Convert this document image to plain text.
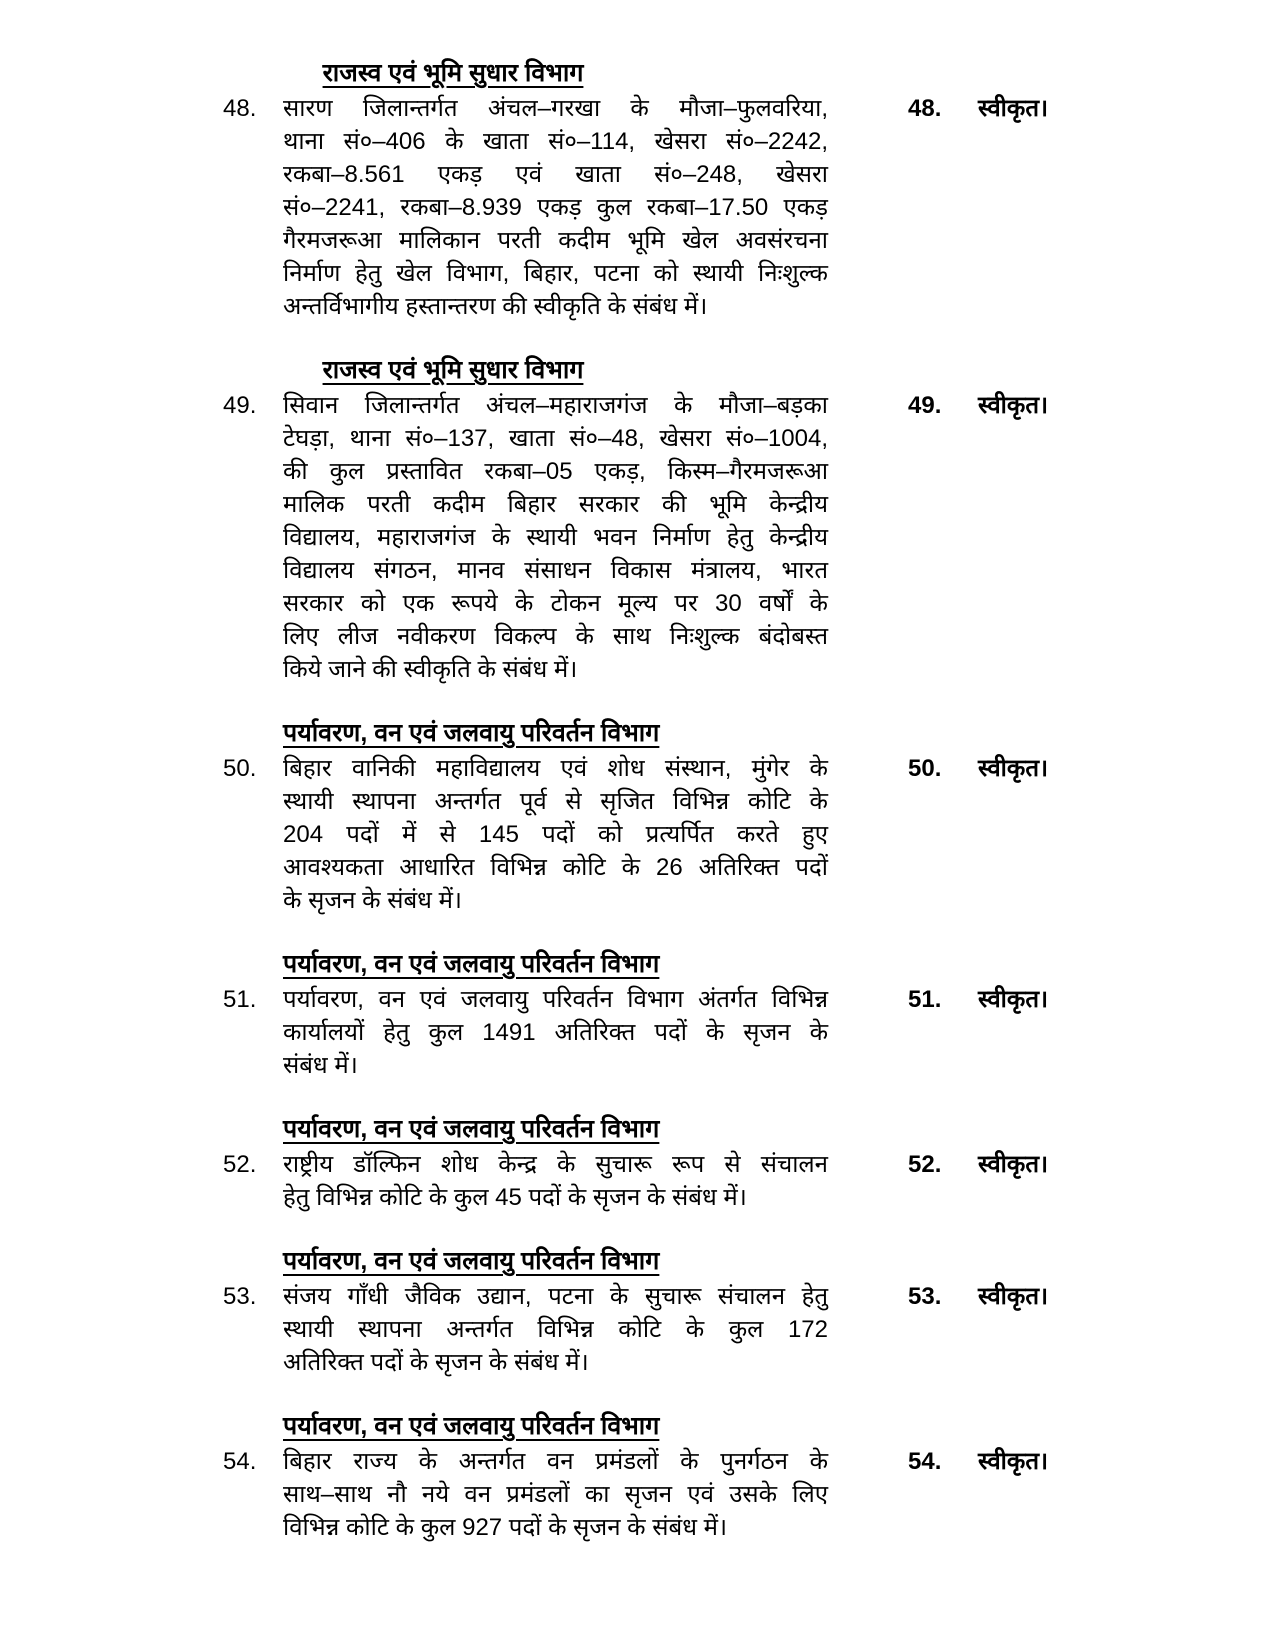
राजस्व एवं भूमि सुधार विभाग
48.	सारण जिलान्तर्गत अंचल–गरखा के मौजा–फुलवरिया,
थाना सं०–406 के खाता सं०–114, खेसरा सं०–2242,
रकबा–8.561 एकड़ एवं खाता सं०–248, खेसरा
सं०–2241, रकबा–8.939 एकड़ कुल रकबा–17.50 एकड़
गैरमजरूआ मालिकान परती कदीम भूमि खेल अवसंरचना
निर्माण हेतु खेल विभाग, बिहार, पटना को स्थायी निःशुल्क
अन्तर्विभागीय हस्तान्तरण की स्वीकृति के संबंध में।
48. स्वीकृत।
राजस्व एवं भूमि सुधार विभाग
49.	सिवान जिलान्तर्गत अंचल–महाराजगंज के मौजा–बड़का
टेघड़ा, थाना सं०–137, खाता सं०–48, खेसरा सं०–1004,
की कुल प्रस्तावित रकबा–05 एकड़, किस्म–गैरमजरूआ
मालिक परती कदीम बिहार सरकार की भूमि केन्द्रीय
विद्यालय, महाराजगंज के स्थायी भवन निर्माण हेतु केन्द्रीय
विद्यालय संगठन, मानव संसाधन विकास मंत्रालय, भारत
सरकार को एक रूपये के टोकन मूल्य पर 30 वर्षों के
लिए लीज नवीकरण विकल्प के साथ निःशुल्क बंदोबस्त
किये जाने की स्वीकृति के संबंध में।
49. स्वीकृत।
पर्यावरण, वन एवं जलवायु परिवर्तन विभाग
50.	बिहार वानिकी महाविद्यालय एवं शोध संस्थान, मुंगेर के
स्थायी स्थापना अन्तर्गत पूर्व से सृजित विभिन्न कोटि के
204 पदों में से 145 पदों को प्रत्यर्पित करते हुए
आवश्यकता आधारित विभिन्न कोटि के 26 अतिरिक्त पदों
के सृजन के संबंध में।
50. स्वीकृत।
पर्यावरण, वन एवं जलवायु परिवर्तन विभाग
51.	पर्यावरण, वन एवं जलवायु परिवर्तन विभाग अंतर्गत विभिन्न
कार्यालयों हेतु कुल 1491 अतिरिक्त पदों के सृजन के
संबंध में।
51. स्वीकृत।
पर्यावरण, वन एवं जलवायु परिवर्तन विभाग
52.	राष्ट्रीय डॉल्फिन शोध केन्द्र के सुचारू रूप से संचालन
हेतु विभिन्न कोटि के कुल 45 पदों के सृजन के संबंध में।
52. स्वीकृत।
पर्यावरण, वन एवं जलवायु परिवर्तन विभाग
53.	संजय गाँधी जैविक उद्यान, पटना के सुचारू संचालन हेतु
स्थायी स्थापना अन्तर्गत विभिन्न कोटि के कुल 172
अतिरिक्त पदों के सृजन के संबंध में।
53. स्वीकृत।
पर्यावरण, वन एवं जलवायु परिवर्तन विभाग
54.	बिहार राज्य के अन्तर्गत वन प्रमंडलों के पुनर्गठन के
साथ–साथ नौ नये वन प्रमंडलों का सृजन एवं उसके लिए
विभिन्न कोटि के कुल 927 पदों के सृजन के संबंध में।
54. स्वीकृत।
